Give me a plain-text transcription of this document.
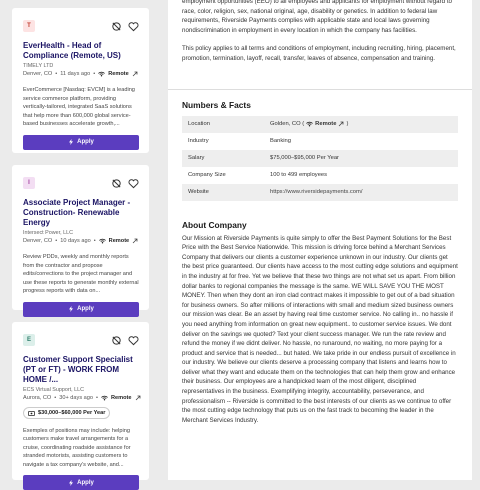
T
EverHealth - Head of Compliance (Remote, US)
TIMELY LTD
Denver, CO • 11 days ago • Remote

EverCommerce [Nasdaq: EVCM] is a leading service commerce platform, providing vertically-tailored, integrated SaaS solutions that help more than 600,000 global service-based businesses accelerate growth,...

Apply
I
Associate Project Manager - Construction- Renewable Energy
Intersect Power, LLC
Denver, CO • 10 days ago • Remote

Review PDDs, weekly and monthly reports from the contractor and propose edits/corrections to the project manager and use these reports to generate monthly external progress reports with data on...

Apply
E
Customer Support Specialist (PT or FT) - WORK FROM HOME /...
ECS Virtual Support, LLC
Aurora, CO • 30+ days ago • Remote
$30,000–$60,000 Per Year

Exemples of positions may include: helping customers make travel arrangements for a cruise, coordinating roadside assistance for stranded motorists, assisting customers to navigate a tax company's website, and...

Apply

employment opportunities (EEO) to all employees and applicants for employment without regard to race, color, religion, sex, national original, age, disability or genetics. In addition to federal law requirements, Riverside Payments complies with applicable state and local laws governing nondiscrimination in employment in every location in which the company has facilities.

This policy applies to all terms and conditions of employment, including recruiting, hiring, placement, promotion, termination, layoff, recall, transfer, leaves of absence, compensation and training.

Numbers & Facts
Location	Golden, CO ( Remote )
Industry	Banking
Salary	$75,000–$95,000 Per Year
Company Size	100 to 499 employees
Website	https://www.riversidepayments.com/
About Company

Our Mission at Riverside Payments is quite simply to offer the Best Payment Solutions for the Best Price with the Best Service Nationwide. This mission is driving force behind a Merchant Services Company that delivers our clients a customer experience unknown in our industry. Our clients get the best price guaranteed. Our clients have access to the most cutting edge solutions and equipment in the industry at for free. Yet we believe that these two things are not what set us apart. From billion dollar banks to regional companies the message is the same. WE WILL SAVE YOU THE MOST MONEY. Then when they dont an iron clad contract makes it impossible to get out of a bad situation for business owners. So after millions of interactions with small and medium sized business owners our mission was clear. Be an asset by having real time customer service. No calling in.. no hassle if you need anything from information on great new equipment.. to customer service issues. We dont deliver on the savings we quoted? Text your client success manager. We run the rate review and refund the money if we didnt deliver. No hassle, no runaround, no waiting, no more paying for a product and service that is needed... but hated. We take pride in our endless pursuit of excellence in our industry. We believe our clients deserve a processing company that listens and learns how to deliver what they want and educate them on the technologies that can help them grow and enhance their business. Our employees are a handpicked team of the most diligent, disciplined representatives in the business. Exemplifying integrity, accountability, perseverance, and professionalism -- Riverside is committed to the best interests of our clients as we continue to offer the most cutting edge technology that puts us on the fast track to becoming the leader in the Merchant Services Industry.
